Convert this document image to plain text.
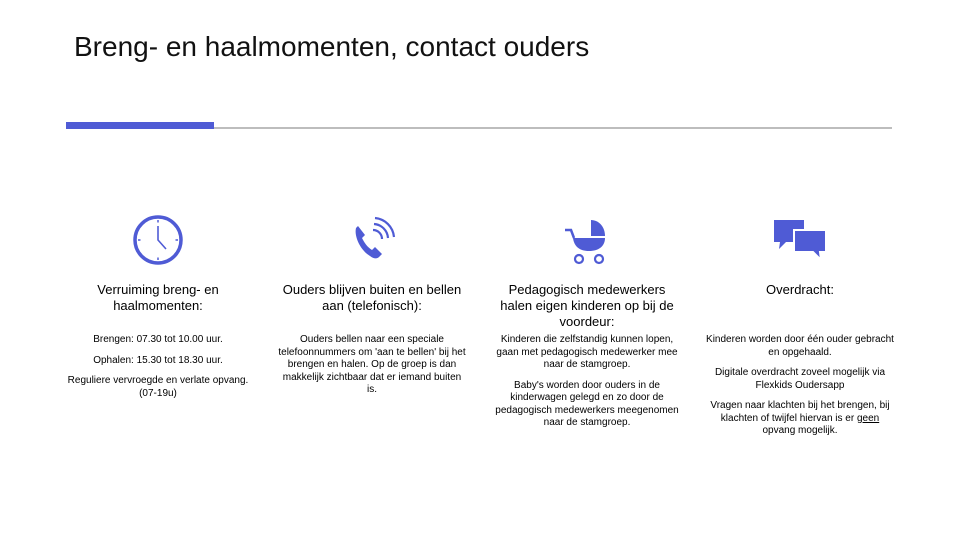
Breng- en haalmomenten, contact ouders
Verruiming breng- en haalmomenten:

Brengen: 07.30 tot 10.00 uur.

Ophalen: 15.30 tot 18.30 uur.

Reguliere vervroegde en verlate opvang. (07-19u)

Ouders blijven buiten en bellen aan (telefonisch):

Ouders bellen naar een speciale telefoonnummers om 'aan te bellen' bij het brengen en halen. Op de groep is dan makkelijk zichtbaar dat er iemand buiten is.

Pedagogisch medewerkers halen eigen kinderen op bij de voordeur:

Kinderen die zelfstandig kunnen lopen, gaan met pedagogisch medewerker mee naar de stamgroep.

Baby's worden door ouders in de kinderwagen gelegd en zo door de pedagogisch medewerkers meegenomen naar de stamgroep.

Overdracht:

Kinderen worden door één ouder gebracht en opgehaald.

Digitale overdracht zoveel mogelijk via Flexkids Oudersapp

Vragen naar klachten bij het brengen, bij klachten of twijfel hiervan is er geen opvang mogelijk.
